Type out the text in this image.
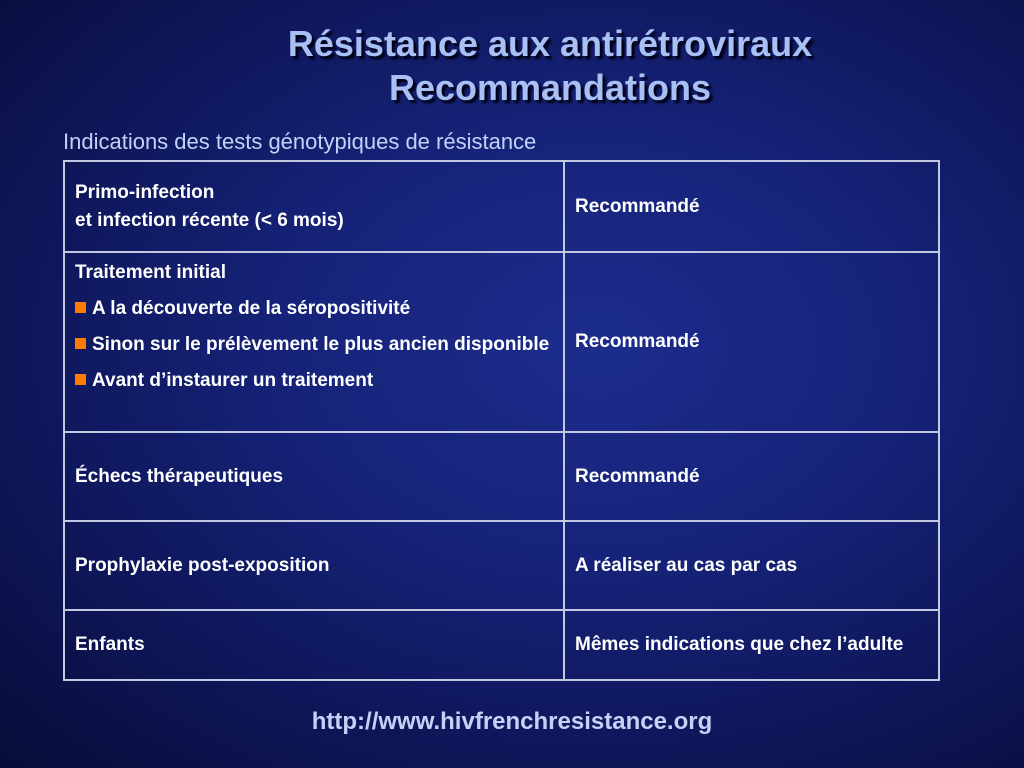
Résistance aux antirétroviraux
Recommandations
Indications des tests génotypiques de résistance
Primo-infection
et infection récente (< 6 mois)	Recommandé

Traitement initial
A la découverte de la séropositivité
Sinon sur le prélèvement le plus ancien disponible
Avant d’instaurer un traitement	Recommandé
Échecs thérapeutiques	Recommandé
Prophylaxie post-exposition	A réaliser au cas par cas
Enfants	Mêmes indications que chez l’adulte
http://www.hivfrenchresistance.org
